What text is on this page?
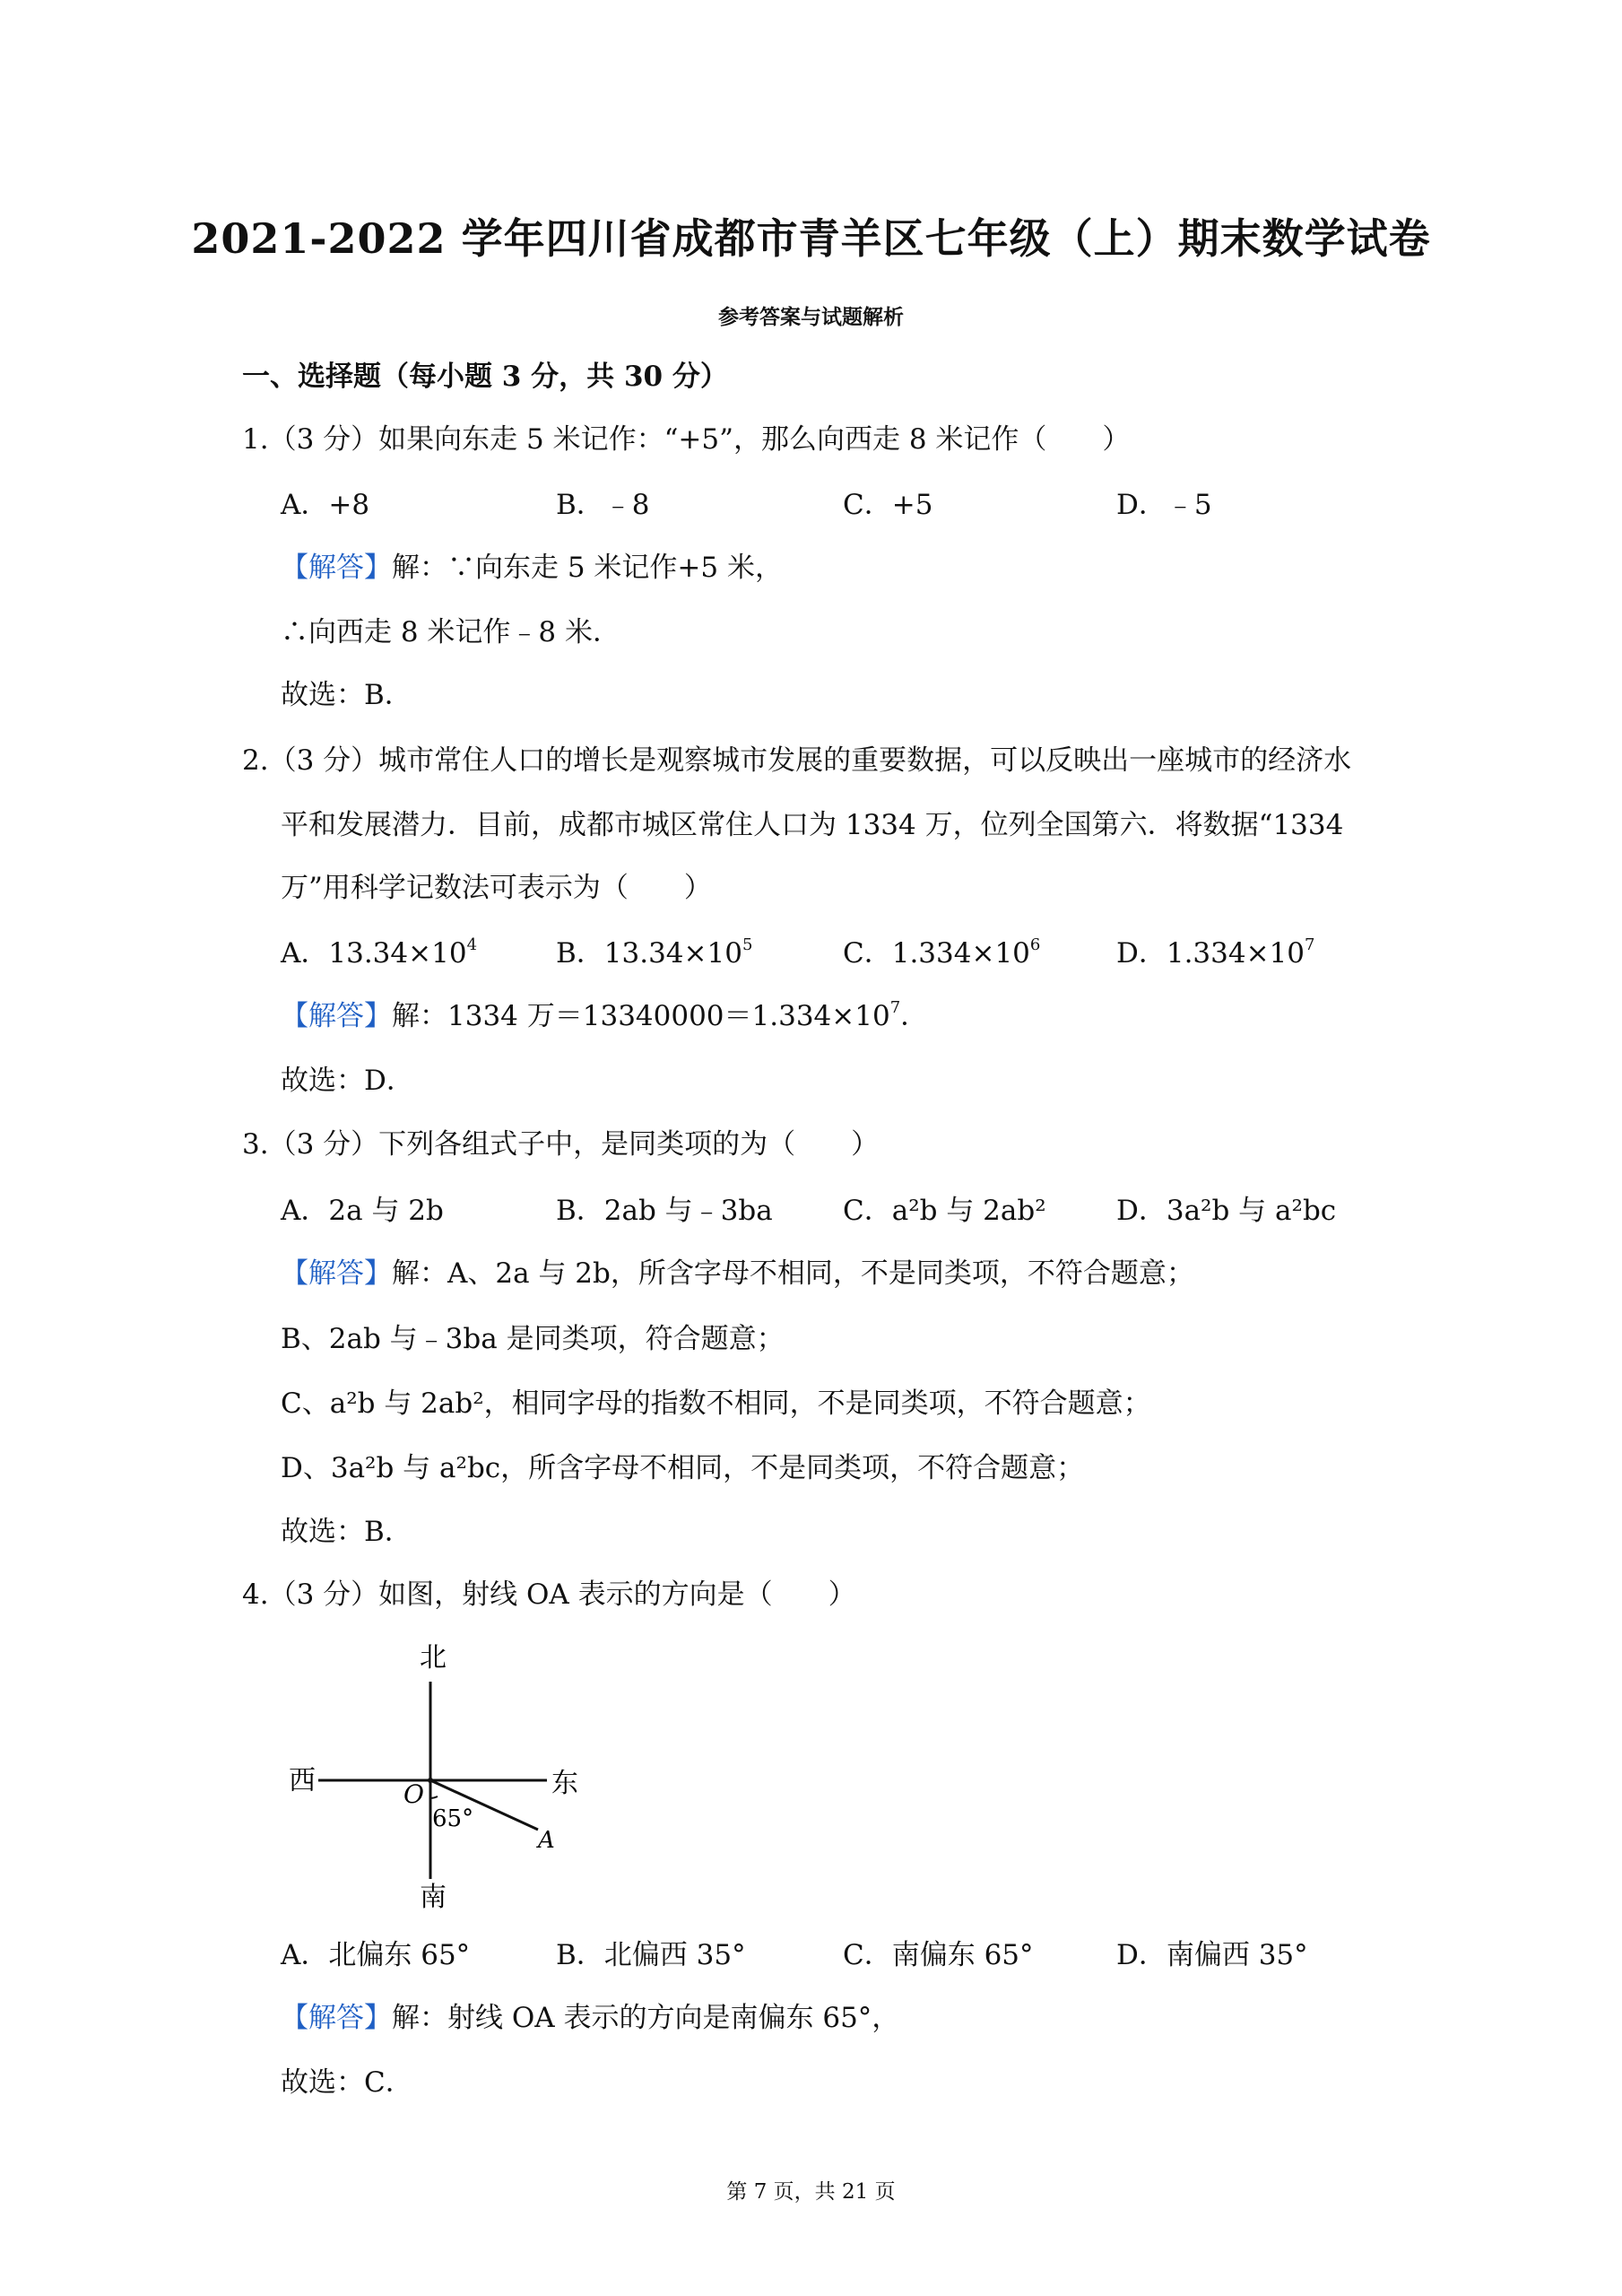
2021-2022 学年四川省成都市青羊区七年级（上）期末数学试卷
参考答案与试题解析
一、选择题（每小题 3 分，共 30 分）
1.（3 分）如果向东走 5 米记作：“+5”，那么向西走 8 米记作（　　）
A．+8	B．﹣8	C．+5	D．﹣5
【解答】解：∵向东走 5 米记作+5 米，
∴向西走 8 米记作﹣8 米．
故选：B．
2.（3 分）城市常住人口的增长是观察城市发展的重要数据，可以反映出一座城市的经济水
平和发展潜力．目前，成都市城区常住人口为 1334 万，位列全国第六．将数据“1334
万”用科学记数法可表示为（　　）
A．$13.34\times 10^4$	B．$13.34\times 10^5$	C．$1.334\times 10^6$	D．$1.334\times 10^7$
【解答】解：1334 万$=13340000=1.334\times 10^7$．
故选：D．
3.（3 分）下列各组式子中，是同类项的为（　　）
A．2a 与 2b	B．2ab 与﹣3ba	C．a²b 与 2ab²	D．3a²b 与 a²bc
【解答】解：A、2a 与 2b，所含字母不相同，不是同类项，不符合题意；
B、2ab 与﹣3ba 是同类项，符合题意；
C、a²b 与 2ab²，相同字母的指数不相同，不是同类项，不符合题意；
D、3a²b 与 a²bc，所含字母不相同，不是同类项，不符合题意；
故选：B．
4.（3 分）如图，射线 OA 表示的方向是（　　）
北
南
西	东
O
A
65°
A．北偏东 65°	B．北偏西 35°	C．南偏东 65°	D．南偏西 35°
【解答】解：射线 OA 表示的方向是南偏东 65°，
故选：C．
第 7 页，共 21 页
